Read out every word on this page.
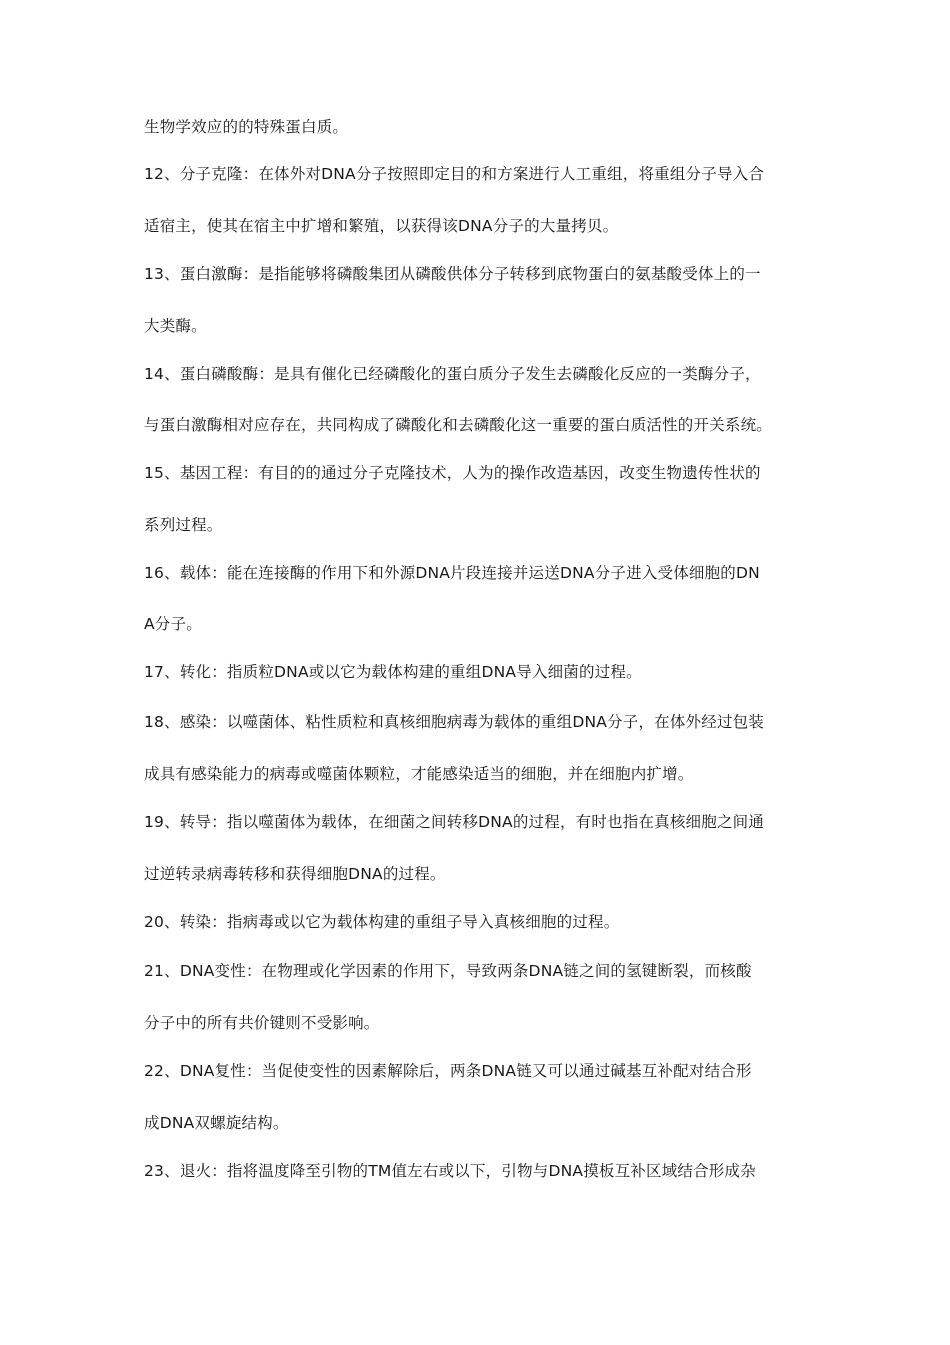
生物学效应的的特殊蛋白质。
12、分子克隆：在体外对DNA分子按照即定目的和方案进行人工重组，将重组分子导入合
适宿主，使其在宿主中扩增和繁殖，以获得该DNA分子的大量拷贝。
13、蛋白激酶：是指能够将磷酸集团从磷酸供体分子转移到底物蛋白的氨基酸受体上的一
大类酶。
14、蛋白磷酸酶：是具有催化已经磷酸化的蛋白质分子发生去磷酸化反应的一类酶分子，
与蛋白激酶相对应存在，共同构成了磷酸化和去磷酸化这一重要的蛋白质活性的开关系统。
15、基因工程：有目的的通过分子克隆技术，人为的操作改造基因，改变生物遗传性状的
系列过程。
16、载体：能在连接酶的作用下和外源DNA片段连接并运送DNA分子进入受体细胞的DN
A分子。
17、转化：指质粒DNA或以它为载体构建的重组DNA导入细菌的过程。
18、感染：以噬菌体、粘性质粒和真核细胞病毒为载体的重组DNA分子，在体外经过包装
成具有感染能力的病毒或噬菌体颗粒，才能感染适当的细胞，并在细胞内扩增。
19、转导：指以噬菌体为载体，在细菌之间转移DNA的过程，有时也指在真核细胞之间通
过逆转录病毒转移和获得细胞DNA的过程。
20、转染：指病毒或以它为载体构建的重组子导入真核细胞的过程。
21、DNA变性：在物理或化学因素的作用下，导致两条DNA链之间的氢键断裂，而核酸
分子中的所有共价键则不受影响。
22、DNA复性：当促使变性的因素解除后，两条DNA链又可以通过碱基互补配对结合形
成DNA双螺旋结构。
23、退火：指将温度降至引物的TM值左右或以下，引物与DNA摸板互补区域结合形成杂
